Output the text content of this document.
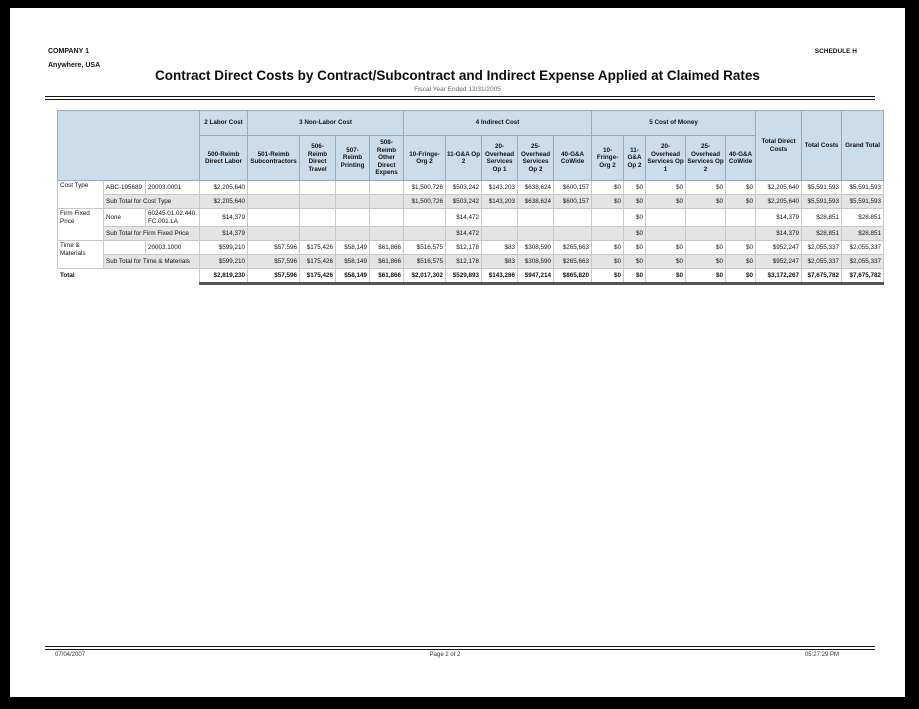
COMPANY 1
Anywhere, USA
SCHEDULE H
Contract Direct Costs by Contract/Subcontract and Indirect Expense Applied at Claimed Rates
Fiscal Year Ended 12/31/2005
			2 Labor Cost	3 Non-Labor Cost				4 Indirect Cost					5 Cost of Money					Total Direct Costs	Total Costs	Grand Total
			500-Reimb Direct Labor	501-Reimb Subcontractors	506- Reimb Direct Travel	507- Reimb Printing	508- Reimb Other Direct Expens	10-Fringe- Org 2	11-G&A Op 2	20- Overhead Services Op 1	25- Overhead Services Op 2	40-G&A CoWide	10- Fringe- Org 2	11- G&A Op 2	20- Overhead Services Op 1	25- Overhead Services Op 2	40-G&A CoWide			
Cost Type	ABC-195689	20003.0001	$2,205,640					$1,500,726	$503,242	$143,203	$638,624	$600,157	$0	$0	$0	$0	$0	$2,205,640	$5,591,593	$5,591,593
	Sub Total for Cost Type		$2,205,640					$1,500,726	$503,242	$143,203	$638,624	$600,157	$0	$0	$0	$0	$0	$2,205,640	$5,591,593	$5,591,593
Firm Fixed Price	None	60245.01.02.440. FC.001.LA	$14,379						$14,472					$0				$14,379	$28,851	$28,851
	Sub Total for Firm Fixed Price		$14,379						$14,472					$0				$14,379	$28,851	$28,851
Time & Materials		20003.1000	$599,210	$57,596	$175,426	$58,149	$61,866	$516,575	$12,178	$83	$308,590	$265,663	$0	$0	$0	$0	$0	$952,247	$2,055,337	$2,055,337
	Sub Total for Time & Materials		$599,210	$57,596	$175,426	$58,149	$61,866	$516,575	$12,178	$83	$308,590	$265,663	$0	$0	$0	$0	$0	$952,247	$2,055,337	$2,055,337
Total			$2,819,230	$57,596	$175,426	$58,149	$61,866	$2,017,302	$529,893	$143,286	$947,214	$865,820	$0	$0	$0	$0	$0	$3,172,267	$7,675,782	$7,675,782
07/04/2007	Page 2 of 2	05:27:29 PM
